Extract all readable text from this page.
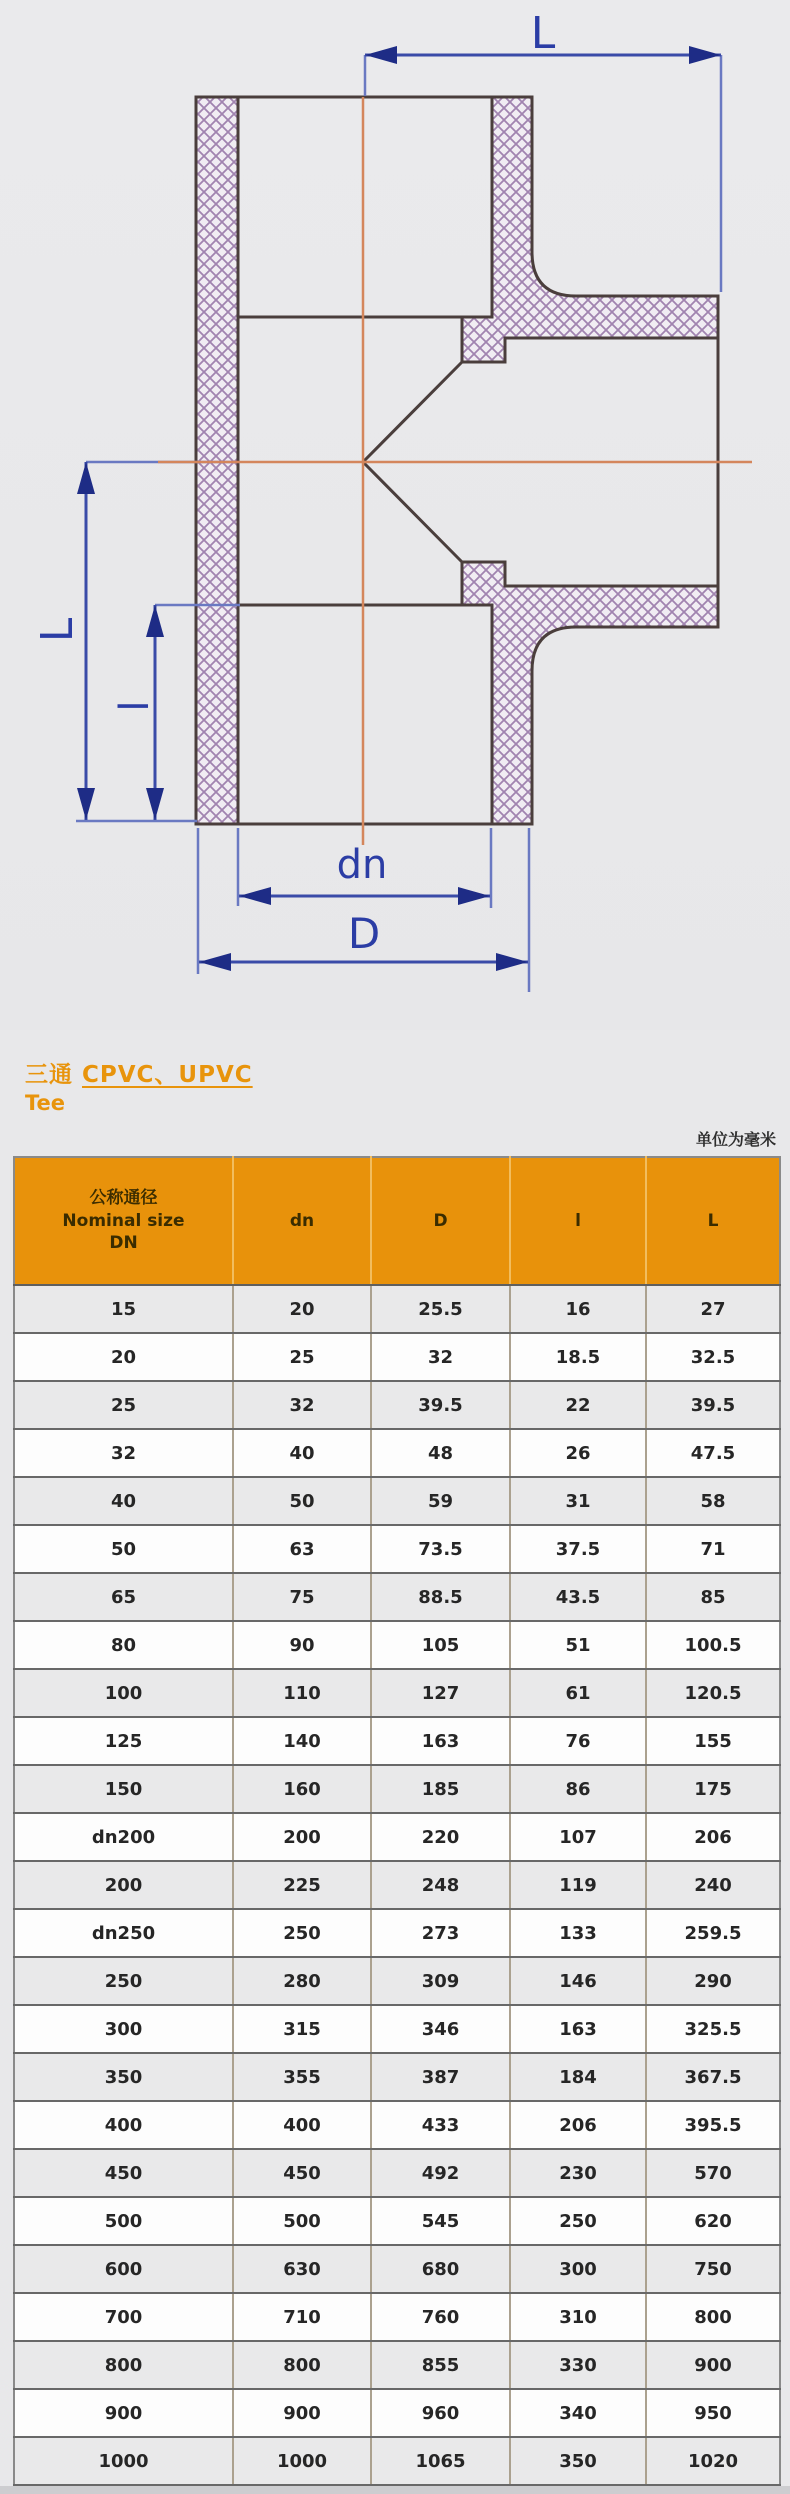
L
L
l
dn
D
三通 CPVC、UPVC
Tee
单位为毫米
公称通径
Nominal size
DN	dn	D	l	L
15	20	25.5	16	27
20	25	32	18.5	32.5
25	32	39.5	22	39.5
32	40	48	26	47.5
40	50	59	31	58
50	63	73.5	37.5	71
65	75	88.5	43.5	85
80	90	105	51	100.5
100	110	127	61	120.5
125	140	163	76	155
150	160	185	86	175
dn200	200	220	107	206
200	225	248	119	240
dn250	250	273	133	259.5
250	280	309	146	290
300	315	346	163	325.5
350	355	387	184	367.5
400	400	433	206	395.5
450	450	492	230	570
500	500	545	250	620
600	630	680	300	750
700	710	760	310	800
800	800	855	330	900
900	900	960	340	950
1000	1000	1065	350	1020
